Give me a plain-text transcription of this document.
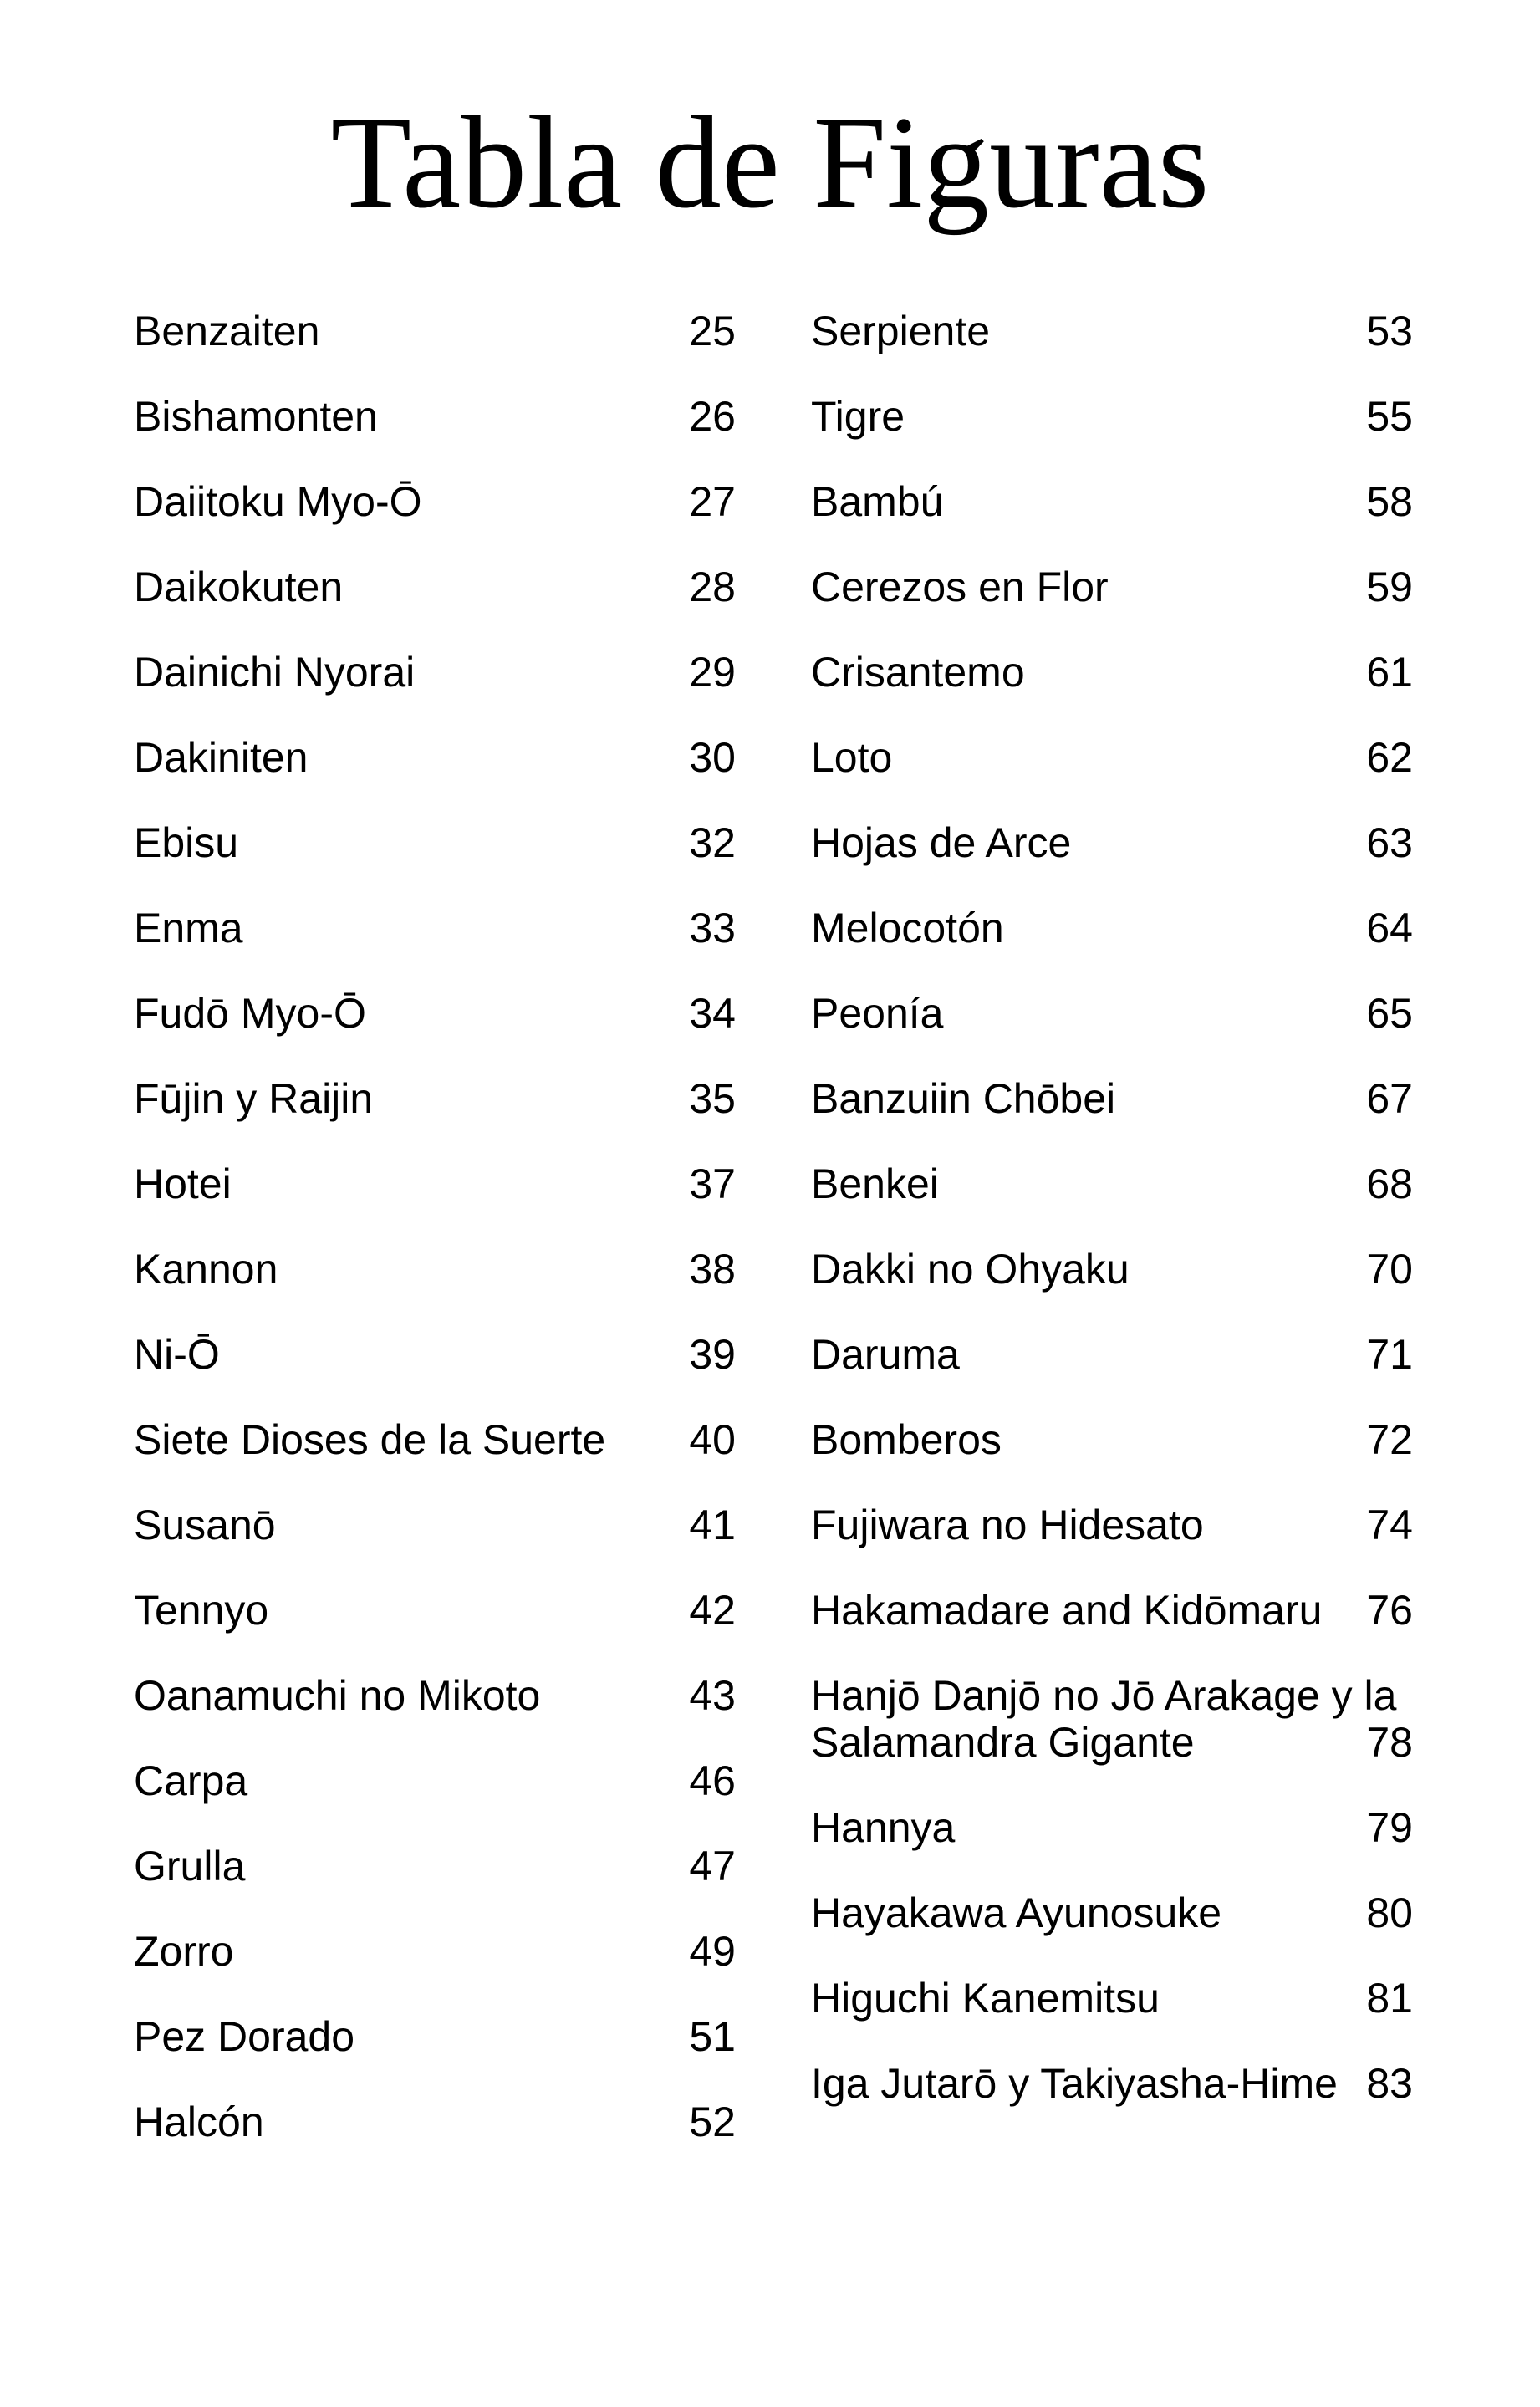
Tabla de Figuras
Benzaiten	25
Bishamonten	26
Daiitoku Myo-Ō	27
Daikokuten	28
Dainichi Nyorai	29
Dakiniten	30
Ebisu	32
Enma	33
Fudō Myo-Ō	34
Fūjin y Raijin	35
Hotei	37
Kannon	38
Ni-Ō	39
Siete Dioses de la Suerte	40
Susanō	41
Tennyo	42
Oanamuchi no Mikoto	43
Carpa	46
Grulla	47
Zorro	49
Pez Dorado	51
Halcón	52
Serpiente	53
Tigre	55
Bambú	58
Cerezos en Flor	59
Crisantemo	61
Loto	62
Hojas de Arce	63
Melocotón	64
Peonía	65
Banzuiin Chōbei	67
Benkei	68
Dakki no Ohyaku	70
Daruma	71
Bomberos	72
Fujiwara no Hidesato	74
Hakamadare and Kidōmaru	76
Hanjō Danjō no Jō Arakage y la Salamandra Gigante	78
Hannya	79
Hayakawa Ayunosuke	80
Higuchi Kanemitsu	81
Iga Jutarō y Takiyasha-Hime 83
